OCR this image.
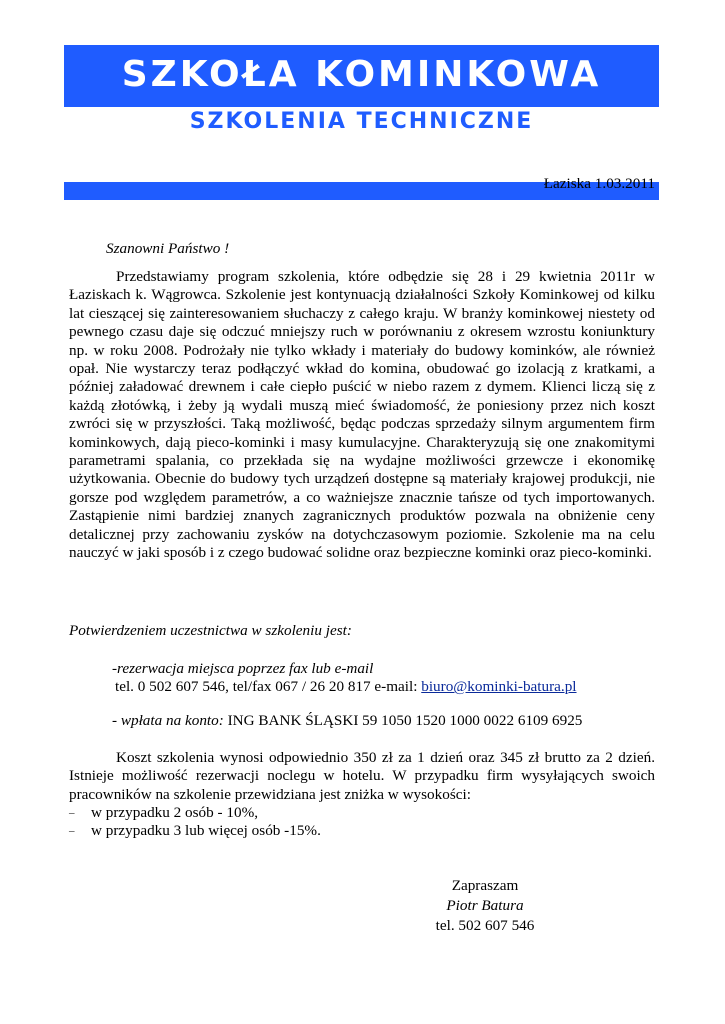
SZKOŁA KOMINKOWA
SZKOLENIA TECHNICZNE
Łaziska 1.03.2011
Szanowni Państwo !
Przedstawiamy program szkolenia, które odbędzie się 28 i 29 kwietnia 2011r w Łaziskach k. Wągrowca. Szkolenie jest kontynuacją działalności Szkoły Kominkowej od kilku lat cieszącej się zainteresowaniem słuchaczy z całego kraju. W branży kominkowej niestety od pewnego czasu daje się odczuć mniejszy ruch w porównaniu z okresem wzrostu koniunktury np. w roku 2008. Podrożały nie tylko wkłady i materiały do budowy kominków, ale również opał. Nie wystarczy teraz podłączyć wkład do komina, obudować go izolacją z kratkami, a później załadować drewnem i całe ciepło puścić w niebo razem z dymem. Klienci liczą się z każdą złotówką, i żeby ją wydali muszą mieć świadomość, że poniesiony przez nich koszt zwróci się w przyszłości. Taką możliwość, będąc podczas sprzedaży silnym argumentem firm kominkowych, dają pieco-kominki i masy kumulacyjne. Charakteryzują się one znakomitymi parametrami spalania, co przekłada się na wydajne możliwości grzewcze i ekonomikę użytkowania. Obecnie do budowy tych urządzeń dostępne są materiały krajowej produkcji, nie gorsze pod względem parametrów, a co ważniejsze znacznie tańsze od tych importowanych. Zastąpienie nimi bardziej znanych zagranicznych produktów pozwala na obniżenie ceny detalicznej przy zachowaniu zysków na dotychczasowym poziomie. Szkolenie ma na celu nauczyć w jaki sposób i z czego budować solidne oraz bezpieczne kominki oraz pieco-kominki.
Potwierdzeniem uczestnictwa w szkoleniu jest:
-rezerwacja miejsca poprzez fax lub e-mail
tel. 0 502 607 546, tel/fax 067 / 26 20 817 e-mail: biuro@kominki-batura.pl
- wpłata na konto: ING BANK ŚLĄSKI 59 1050 1520 1000 0022 6109 6925
Koszt szkolenia wynosi odpowiednio 350 zł za 1 dzień oraz 345 zł brutto za 2 dzień. Istnieje możliwość rezerwacji noclegu w hotelu. W przypadku firm wysyłających swoich pracowników na szkolenie przewidziana jest zniżka w wysokości:
– w przypadku 2 osób - 10%,
– w przypadku 3 lub więcej osób -15%.
Zapraszam
Piotr Batura
tel. 502 607 546
